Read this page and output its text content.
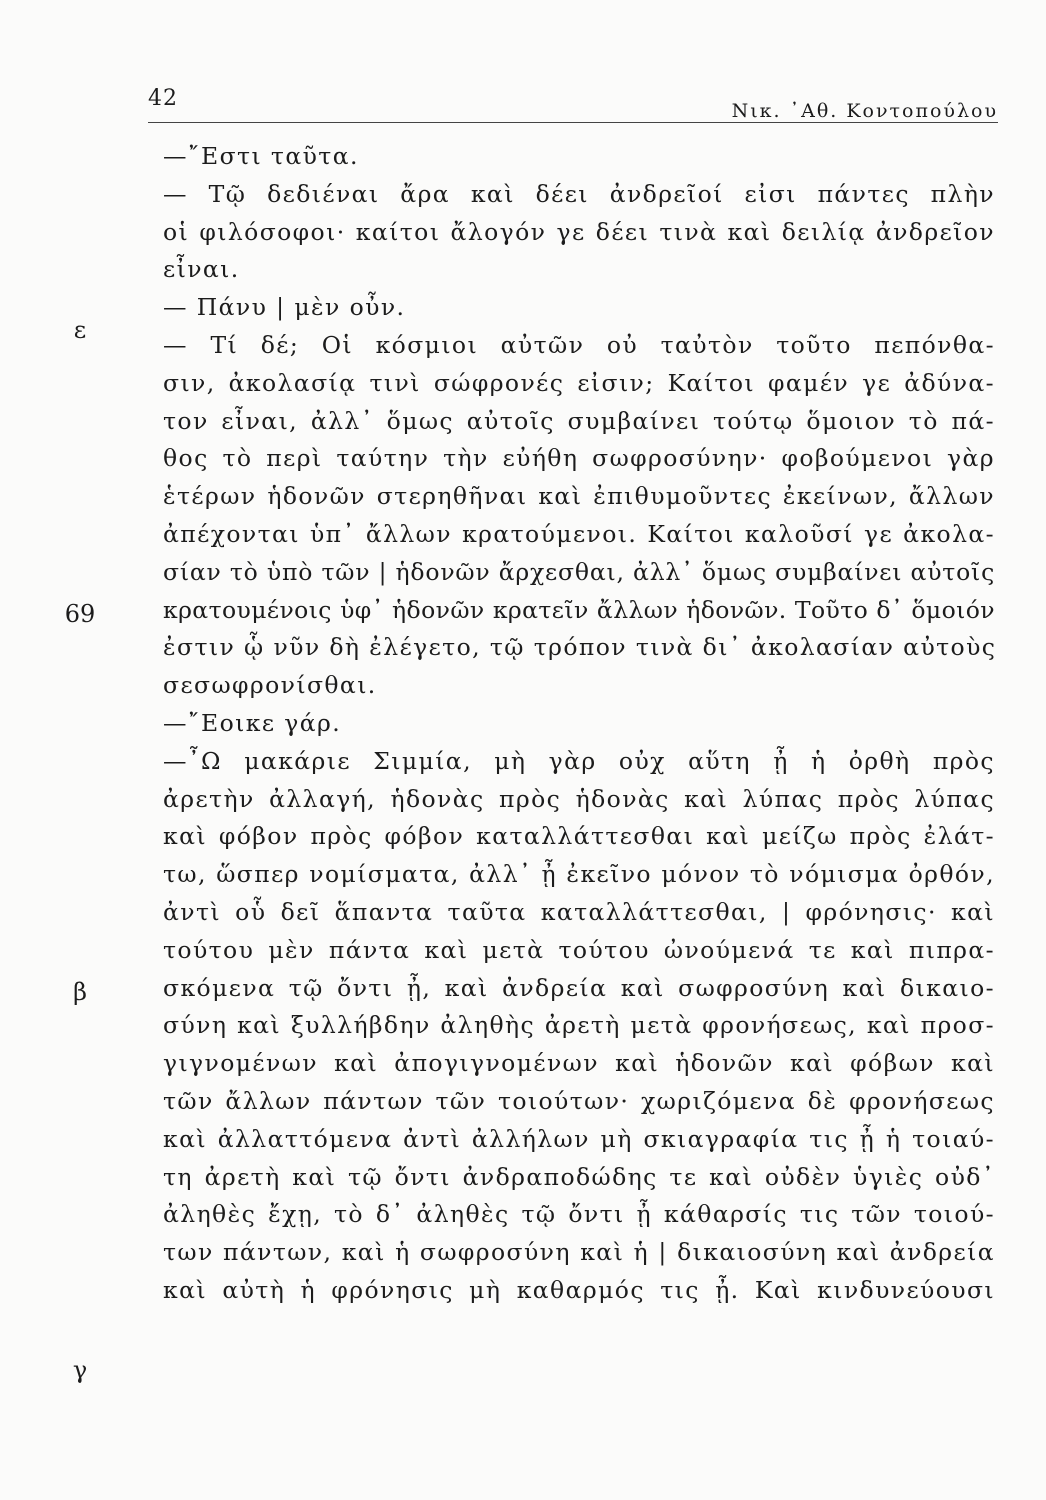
42	Νικ. ᾿Αθ. Κοντοπούλου
ε
69
β
γ
—῎Εστι ταῦτα.
— Τῷ δεδιέναι ἄρα καὶ δέει ἀνδρεῖοί εἰσι πάντες πλὴν
οἱ φιλόσοφοι· καίτοι ἄλογόν γε δέει τινὰ καὶ δειλίᾳ ἀνδρεῖον
εἶναι.
— Πάνυ | μὲν οὖν.
— Τί δέ; Οἱ κόσμιοι αὐτῶν οὐ ταὐτὸν τοῦτο πεπόνθα-
σιν, ἀκολασίᾳ τινὶ σώφρονές εἰσιν; Καίτοι φαμέν γε ἀδύνα-
τον εἶναι, ἀλλ᾿ ὅμως αὐτοῖς συμβαίνει τούτῳ ὅμοιον τὸ πά-
θος τὸ περὶ ταύτην τὴν εὐήθη σωφροσύνην· φοβούμενοι γὰρ
ἑτέρων ἡδονῶν στερηθῆναι καὶ ἐπιθυμοῦντες ἐκείνων, ἄλλων
ἀπέχονται ὑπ᾿ ἄλλων κρατούμενοι. Καίτοι καλοῦσί γε ἀκολα-
σίαν τὸ ὑπὸ τῶν | ἡδονῶν ἄρχεσθαι, ἀλλ᾿ ὅμως συμβαίνει αὐτοῖς
κρατουμένοις ὑφ᾿ ἡδονῶν κρατεῖν ἄλλων ἡδονῶν. Τοῦτο δ᾿ ὅμοιόν
ἐστιν ᾧ νῦν δὴ ἐλέγετο, τῷ τρόπον τινὰ δι᾿ ἀκολασίαν αὐτοὺς
σεσωφρονίσθαι.
—῎Εοικε γάρ.
—῏Ω μακάριε Σιμμία, μὴ γὰρ οὐχ αὕτη ᾖ ἡ ὀρθὴ πρὸς
ἀρετὴν ἀλλαγή, ἡδονὰς πρὸς ἡδονὰς καὶ λύπας πρὸς λύπας
καὶ φόβον πρὸς φόβον καταλλάττεσθαι καὶ μείζω πρὸς ἐλάτ-
τω, ὥσπερ νομίσματα, ἀλλ᾿ ᾖ ἐκεῖνο μόνον τὸ νόμισμα ὀρθόν,
ἀντὶ οὗ δεῖ ἅπαντα ταῦτα καταλλάττεσθαι, | φρόνησις· καὶ
τούτου μὲν πάντα καὶ μετὰ τούτου ὠνούμενά τε καὶ πιπρα-
σκόμενα τῷ ὄντι ᾖ, καὶ ἀνδρεία καὶ σωφροσύνη καὶ δικαιο-
σύνη καὶ ξυλλήβδην ἀληθὴς ἀρετὴ μετὰ φρονήσεως, καὶ προσ-
γιγνομένων καὶ ἀπογιγνομένων καὶ ἡδονῶν καὶ φόβων καὶ
τῶν ἄλλων πάντων τῶν τοιούτων· χωριζόμενα δὲ φρονήσεως
καὶ ἀλλαττόμενα ἀντὶ ἀλλήλων μὴ σκιαγραφία τις ᾖ ἡ τοιαύ-
τη ἀρετὴ καὶ τῷ ὄντι ἀνδραποδώδης τε καὶ οὐδὲν ὑγιὲς οὐδ᾿
ἀληθὲς ἔχῃ, τὸ δ᾿ ἀληθὲς τῷ ὄντι ᾖ κάθαρσίς τις τῶν τοιού-
των πάντων, καὶ ἡ σωφροσύνη καὶ ἡ | δικαιοσύνη καὶ ἀνδρεία
καὶ αὐτὴ ἡ φρόνησις μὴ καθαρμός τις ᾖ. Καὶ κινδυνεύουσι
